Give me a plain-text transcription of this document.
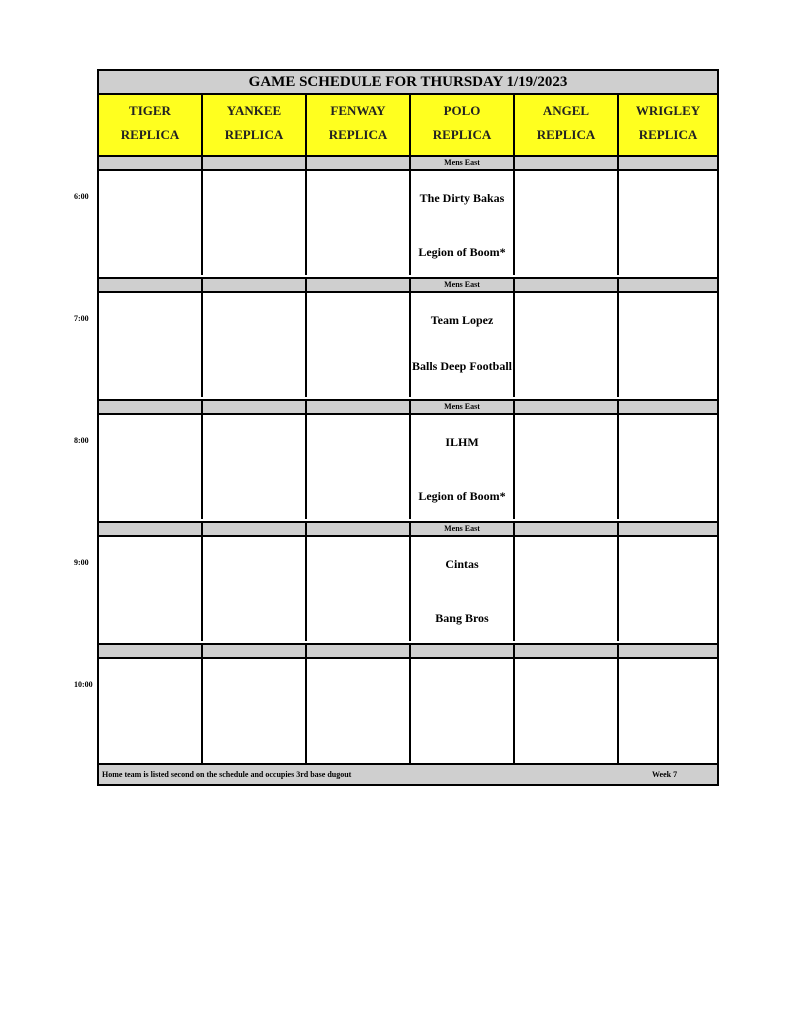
6:00
7:00
8:00
9:00
10:00
GAME SCHEDULE FOR THURSDAY 1/19/2023
TIGER
REPLICA
YANKEE
REPLICA
FENWAY
REPLICA
POLO
REPLICA
ANGEL
REPLICA
WRIGLEY
REPLICA
Mens East
The Dirty Bakas
Legion of Boom*
Mens East
Team Lopez
Balls Deep Football
Mens East
ILHM
Legion of Boom*
Mens East
Cintas
Bang Bros
Home team is listed second on the schedule and occupies 3rd base dugout	Week 7
